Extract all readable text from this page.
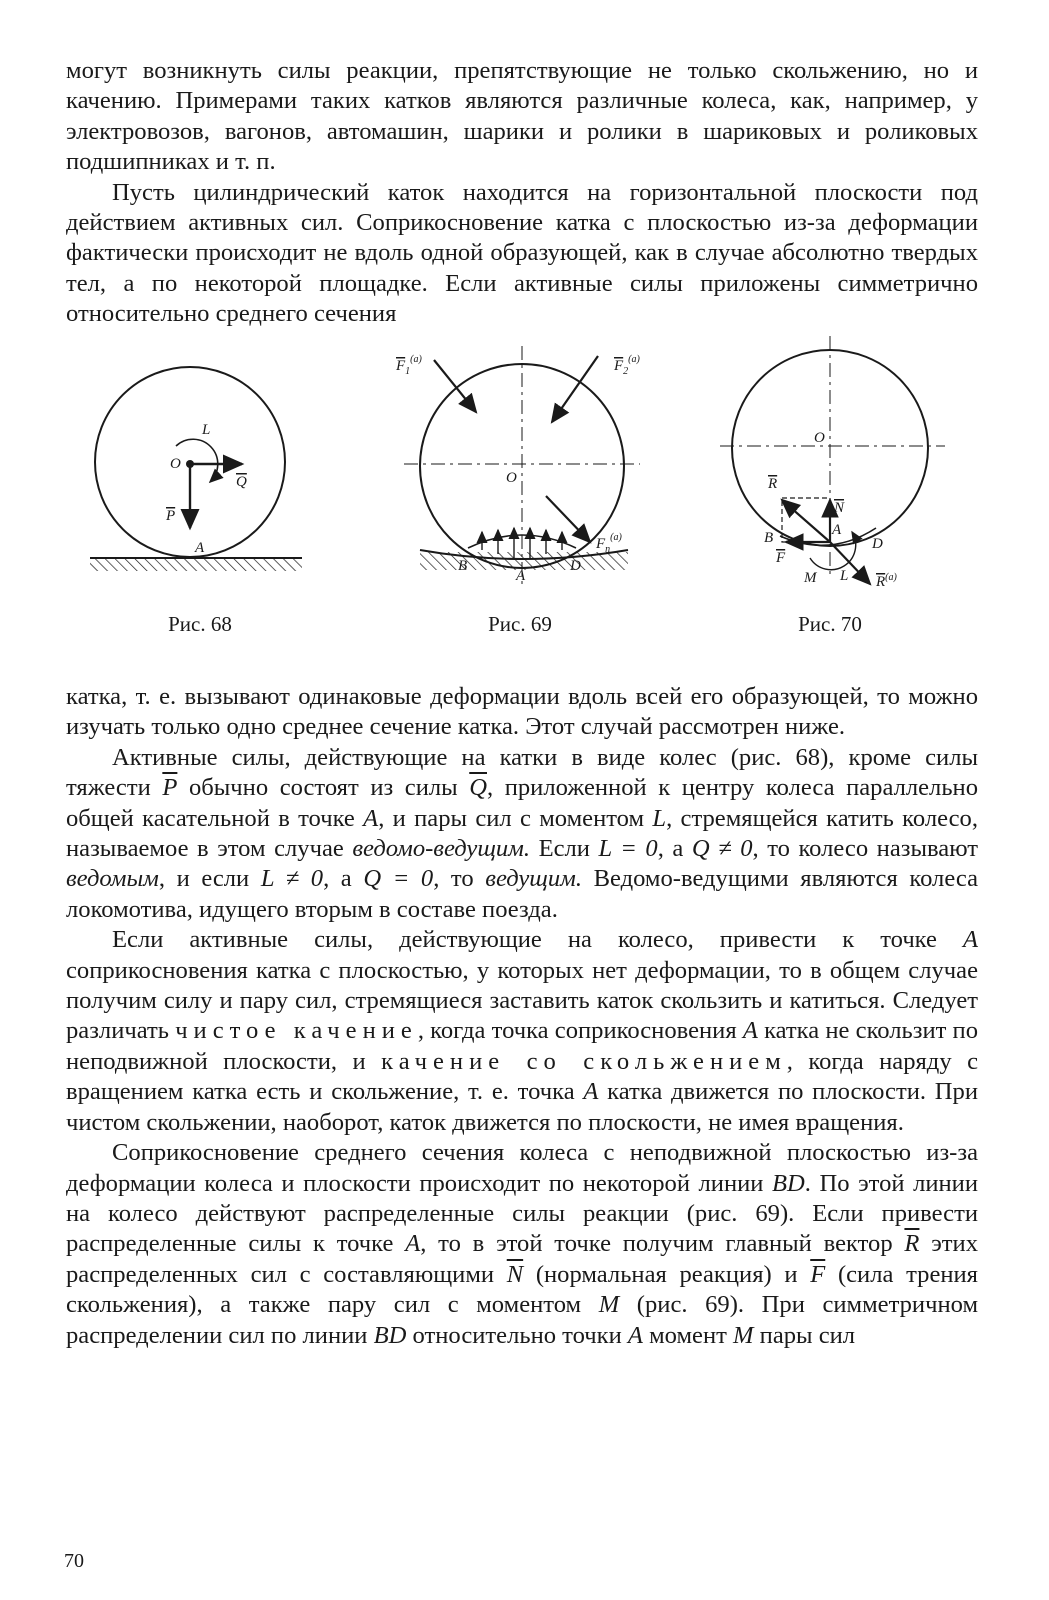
могут возникнуть силы реакции, препятствующие не только скольжению, но и качению. Примерами таких катков являются различные колеса, как, например, у электровозов, вагонов, автомашин, шарики и ролики в шариковых и роликовых подшипниках и т. п.

Пусть цилиндрический каток находится на горизонтальной плоскости под действием активных сил. Соприкосновение катка с плоскостью из-за деформации фактически происходит не вдоль одной образующей, как в случае абсолютно твердых тел, а по некоторой площадке. Если активные силы приложены симметрично относительно среднего сечения

O
L
Q
P
A
Рис. 68
$F_1^{(a)}$	$F_2^{(a)}$
O
$F_n^{(a)}$
B
A
D
Рис. 69
O
R
N
A
B
F
D
M L $R^{(a)}$
Рис. 70

катка, т. е. вызывают одинаковые деформации вдоль всей его образующей, то можно изучать только одно среднее сечение катка. Этот случай рассмотрен ниже.

Активные силы, действующие на катки в виде колес (рис. 68), кроме силы тяжести $\overline{P}$ обычно состоят из силы $\overline{Q}$, приложенной к центру колеса параллельно общей касательной в точке A, и пары сил с моментом L, стремящейся катить колесо, называемое в этом случае ведомо-ведущим. Если L = 0, а Q ≠ 0, то колесо называют ведомым, и если L ≠ 0, а Q = 0, то ведущим. Ведомо-ведущими являются колеса локомотива, идущего вторым в составе поезда.

Если активные силы, действующие на колесо, привести к точке A соприкосновения катка с плоскостью, у которых нет деформации, то в общем случае получим силу и пару сил, стремящиеся заставить каток скользить и катиться. Следует различать чистое качение, когда точка соприкосновения A катка не скользит по неподвижной плоскости, и качение со скольжением, когда наряду с вращением катка есть и скольжение, т. е. точка A катка движется по плоскости. При чистом скольжении, наоборот, каток движется по плоскости, не имея вращения.

Соприкосновение среднего сечения колеса с неподвижной плоскостью из-за деформации колеса и плоскости происходит по некоторой линии BD. По этой линии на колесо действуют распределенные силы реакции (рис. 69). Если привести распределенные силы к точке A, то в этой точке получим главный вектор $\overline{R}$ этих распределенных сил с составляющими $\overline{N}$ (нормальная реакция) и $\overline{F}$ (сила трения скольжения), а также пару сил с моментом M (рис. 69). При симметричном распределении сил по линии BD относительно точки A момент M пары сил

70
